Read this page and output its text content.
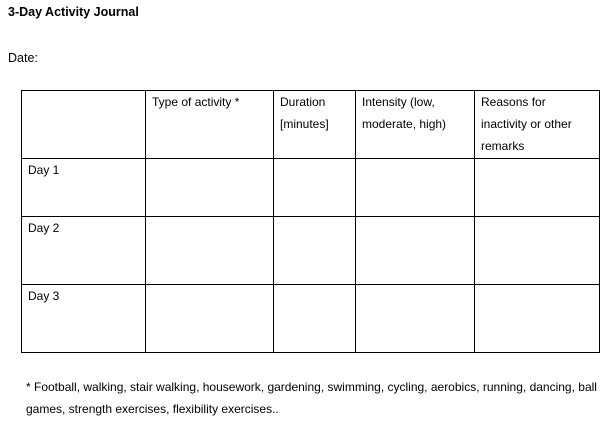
3-Day Activity Journal
Date:
	Type of activity *	Duration [minutes]	Intensity (low, moderate, high)	Reasons for inactivity or other remarks
Day 1				
Day 2				
Day 3				
* Football, walking, stair walking, housework, gardening, swimming, cycling, aerobics, running, dancing, ball games, strength exercises, flexibility exercises..
